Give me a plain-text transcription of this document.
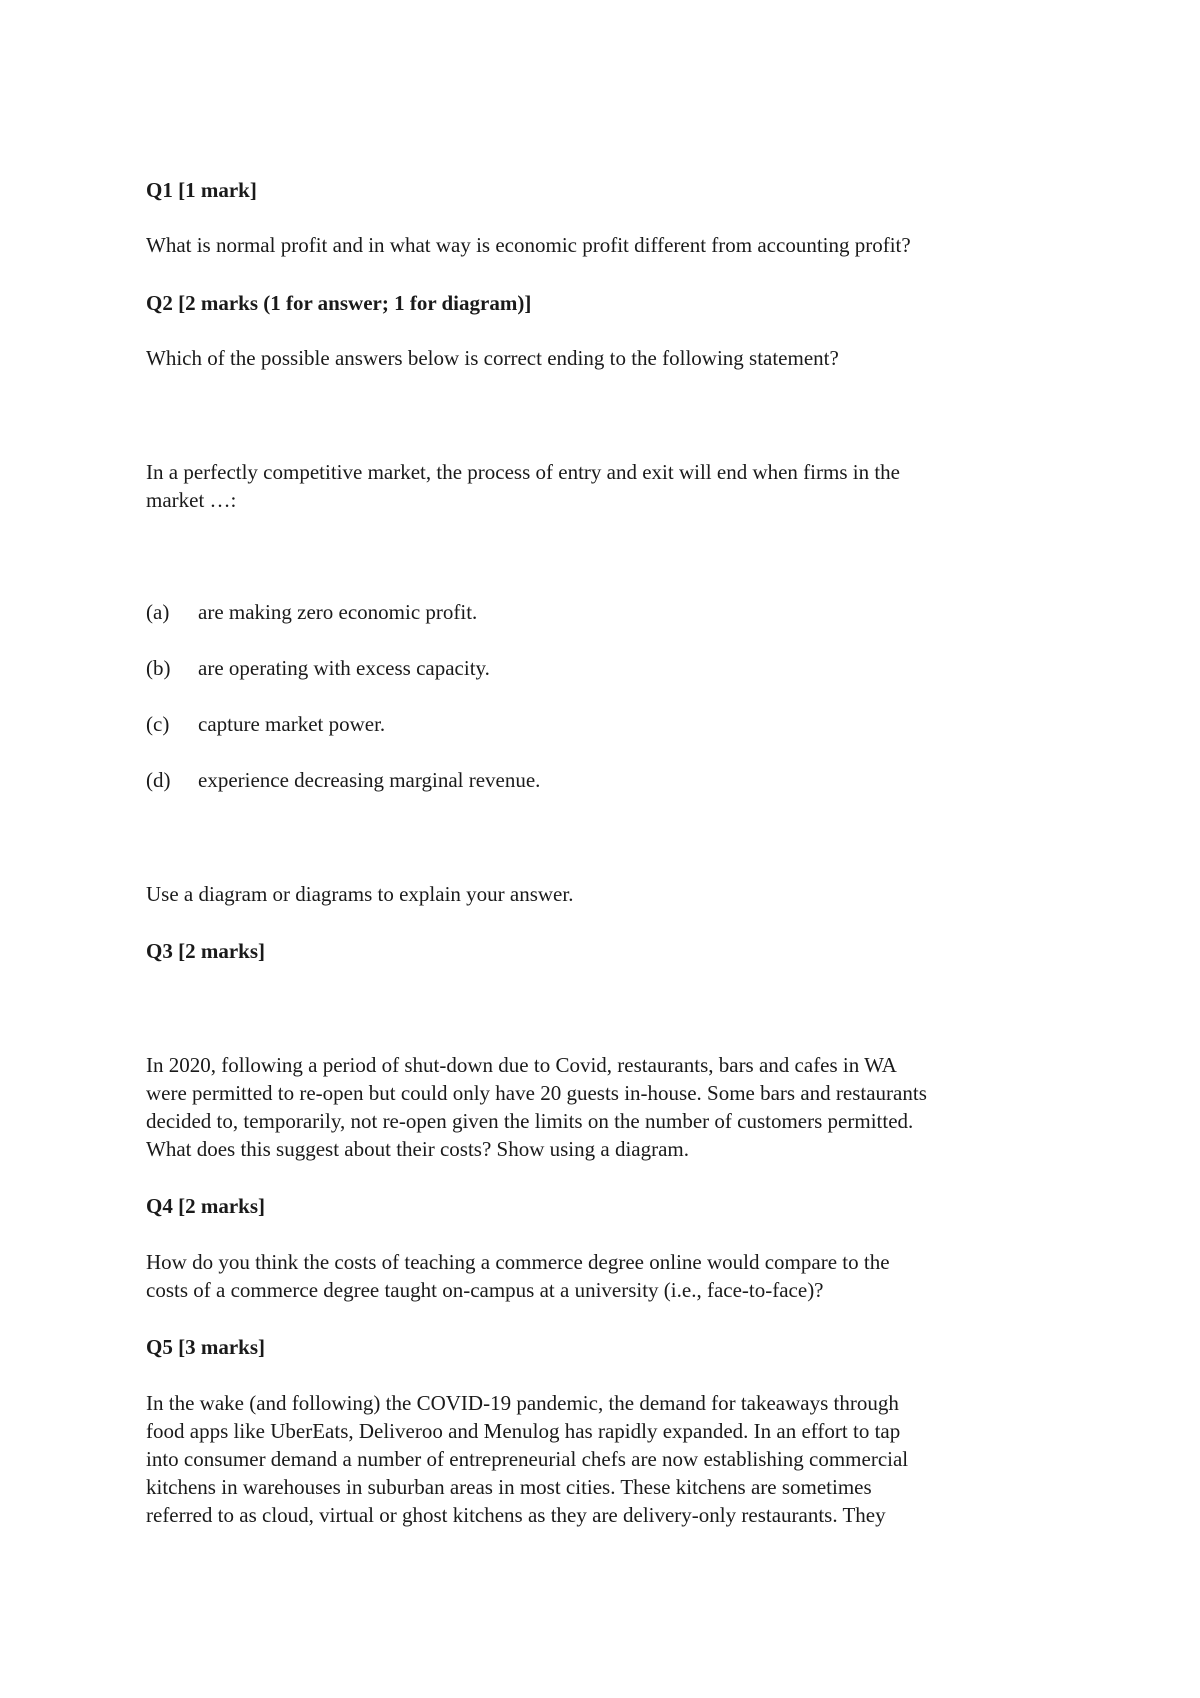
Q1 [1 mark]
What is normal profit and in what way is economic profit different from accounting profit?
Q2 [2 marks (1 for answer; 1 for diagram)]
Which of the possible answers below is correct ending to the following statement?
In a perfectly competitive market, the process of entry and exit will end when firms in the
market …:
(a) are making zero economic profit.
(b) are operating with excess capacity.
(c) capture market power.
(d) experience decreasing marginal revenue.
Use a diagram or diagrams to explain your answer.
Q3 [2 marks]
In 2020, following a period of shut-down due to Covid, restaurants, bars and cafes in WA
were permitted to re-open but could only have 20 guests in-house. Some bars and restaurants
decided to, temporarily, not re-open given the limits on the number of customers permitted.
What does this suggest about their costs? Show using a diagram.
Q4 [2 marks]
How do you think the costs of teaching a commerce degree online would compare to the
costs of a commerce degree taught on-campus at a university (i.e., face-to-face)?
Q5 [3 marks]
In the wake (and following) the COVID-19 pandemic, the demand for takeaways through
food apps like UberEats, Deliveroo and Menulog has rapidly expanded. In an effort to tap
into consumer demand a number of entrepreneurial chefs are now establishing commercial
kitchens in warehouses in suburban areas in most cities. These kitchens are sometimes
referred to as cloud, virtual or ghost kitchens as they are delivery-only restaurants. They
